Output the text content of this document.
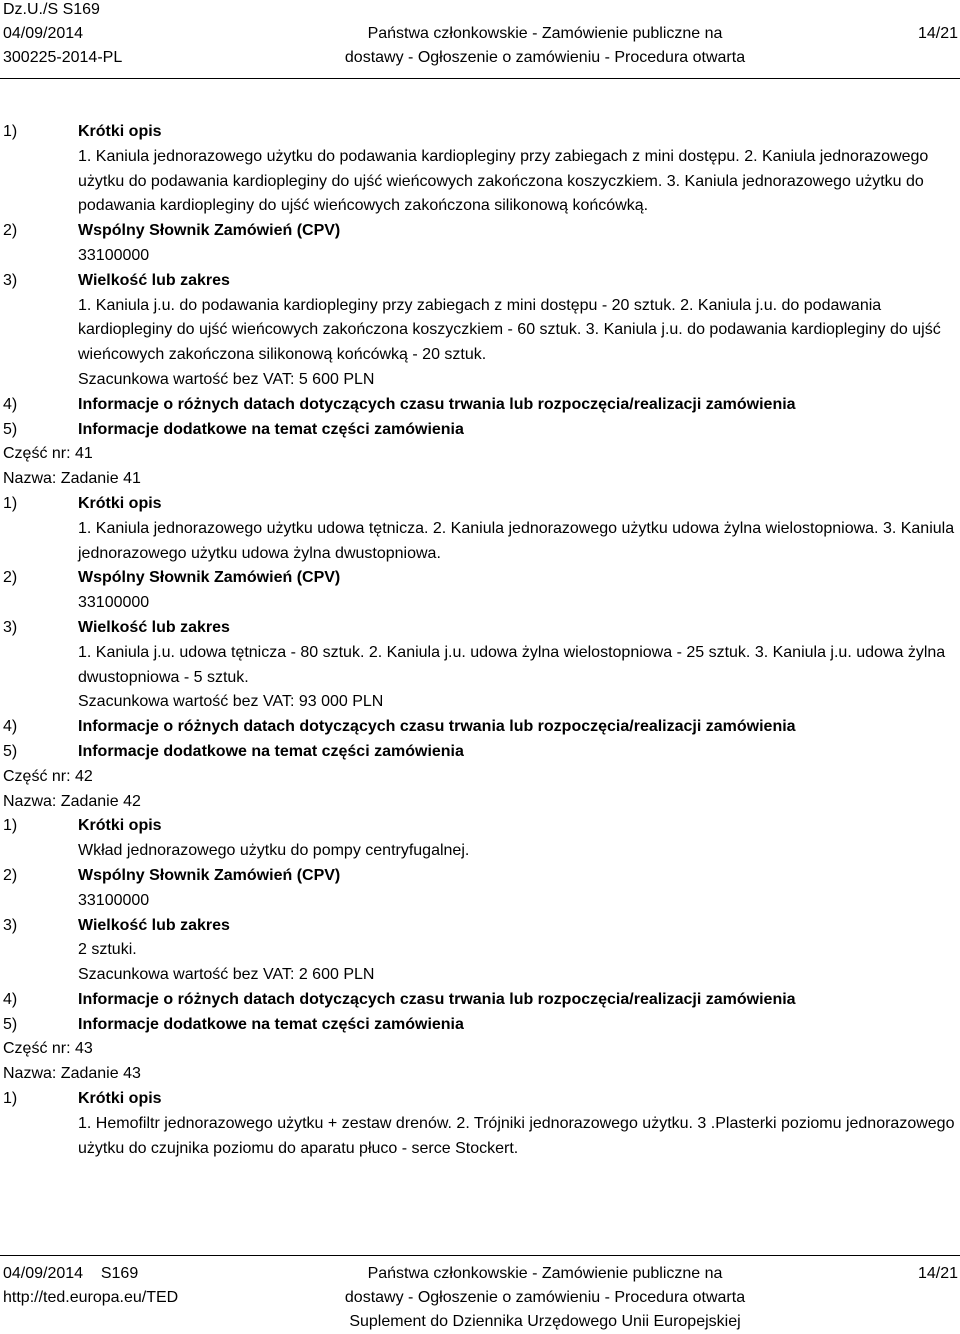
Dz.U./S S169
04/09/2014
300225-2014-PL
Państwa członkowskie - Zamówienie publiczne na
dostawy - Ogłoszenie o zamówieniu - Procedura otwarta
14/21
1)	Krótki opis
1. Kaniula jednorazowego użytku do podawania kardiopleginy przy zabiegach z mini dostępu. 2. Kaniula jednorazowego użytku do podawania kardiopleginy do ujść wieńcowych zakończona koszyczkiem. 3. Kaniula jednorazowego użytku do podawania kardiopleginy do ujść wieńcowych zakończona silikonową końcówką.
2)	Wspólny Słownik Zamówień (CPV)
33100000
3)	Wielkość lub zakres
1. Kaniula j.u. do podawania kardiopleginy przy zabiegach z mini dostępu - 20 sztuk. 2. Kaniula j.u. do podawania kardiopleginy do ujść wieńcowych zakończona koszyczkiem - 60 sztuk. 3. Kaniula j.u. do podawania kardiopleginy do ujść wieńcowych zakończona silikonową końcówką - 20 sztuk.
Szacunkowa wartość bez VAT: 5 600 PLN
4)	Informacje o różnych datach dotyczących czasu trwania lub rozpoczęcia/realizacji zamówienia
5)	Informacje dodatkowe na temat części zamówienia
Część nr: 41
Nazwa: Zadanie 41
1)	Krótki opis
1. Kaniula jednorazowego użytku udowa tętnicza. 2. Kaniula jednorazowego użytku udowa żylna wielostopniowa. 3. Kaniula jednorazowego użytku udowa żylna dwustopniowa.
2)	Wspólny Słownik Zamówień (CPV)
33100000
3)	Wielkość lub zakres
1. Kaniula j.u. udowa tętnicza - 80 sztuk. 2. Kaniula j.u. udowa żylna wielostopniowa - 25 sztuk. 3. Kaniula j.u. udowa żylna dwustopniowa - 5 sztuk.
Szacunkowa wartość bez VAT: 93 000 PLN
4)	Informacje o różnych datach dotyczących czasu trwania lub rozpoczęcia/realizacji zamówienia
5)	Informacje dodatkowe na temat części zamówienia
Część nr: 42
Nazwa: Zadanie 42
1)	Krótki opis
Wkład jednorazowego użytku do pompy centryfugalnej.
2)	Wspólny Słownik Zamówień (CPV)
33100000
3)	Wielkość lub zakres
2 sztuki.
Szacunkowa wartość bez VAT: 2 600 PLN
4)	Informacje o różnych datach dotyczących czasu trwania lub rozpoczęcia/realizacji zamówienia
5)	Informacje dodatkowe na temat części zamówienia
Część nr: 43
Nazwa: Zadanie 43
1)	Krótki opis
1. Hemofiltr jednorazowego użytku + zestaw drenów. 2. Trójniki jednorazowego użytku. 3 .Plasterki poziomu jednorazowego użytku do czujnika poziomu do aparatu płuco - serce Stockert.
04/09/2014 S169
http://ted.europa.eu/TED
Państwa członkowskie - Zamówienie publiczne na
dostawy - Ogłoszenie o zamówieniu - Procedura otwarta
Suplement do Dziennika Urzędowego Unii Europejskiej
14/21
